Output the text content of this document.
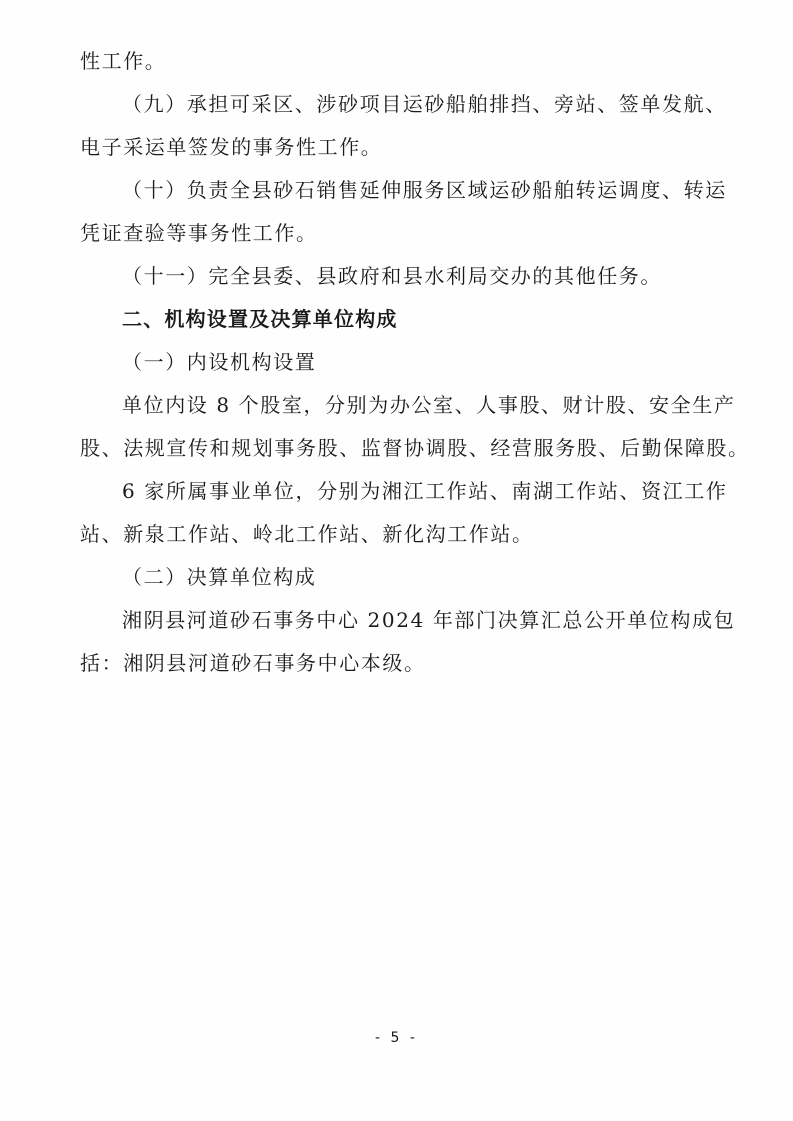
性工作。
（九）承担可采区、涉砂项目运砂船舶排挡、旁站、签单发航、
电子采运单签发的事务性工作。
（十）负责全县砂石销售延伸服务区域运砂船舶转运调度、转运
凭证查验等事务性工作。
（十一）完全县委、县政府和县水利局交办的其他任务。
二、机构设置及决算单位构成
（一）内设机构设置
单位内设 8 个股室，分别为办公室、人事股、财计股、安全生产
股、法规宣传和规划事务股、监督协调股、经营服务股、后勤保障股。
6 家所属事业单位，分别为湘江工作站、南湖工作站、资江工作
站、新泉工作站、岭北工作站、新化沟工作站。
（二）决算单位构成
湘阴县河道砂石事务中心 2024 年部门决算汇总公开单位构成包
括：湘阴县河道砂石事务中心本级。
- 5 -
